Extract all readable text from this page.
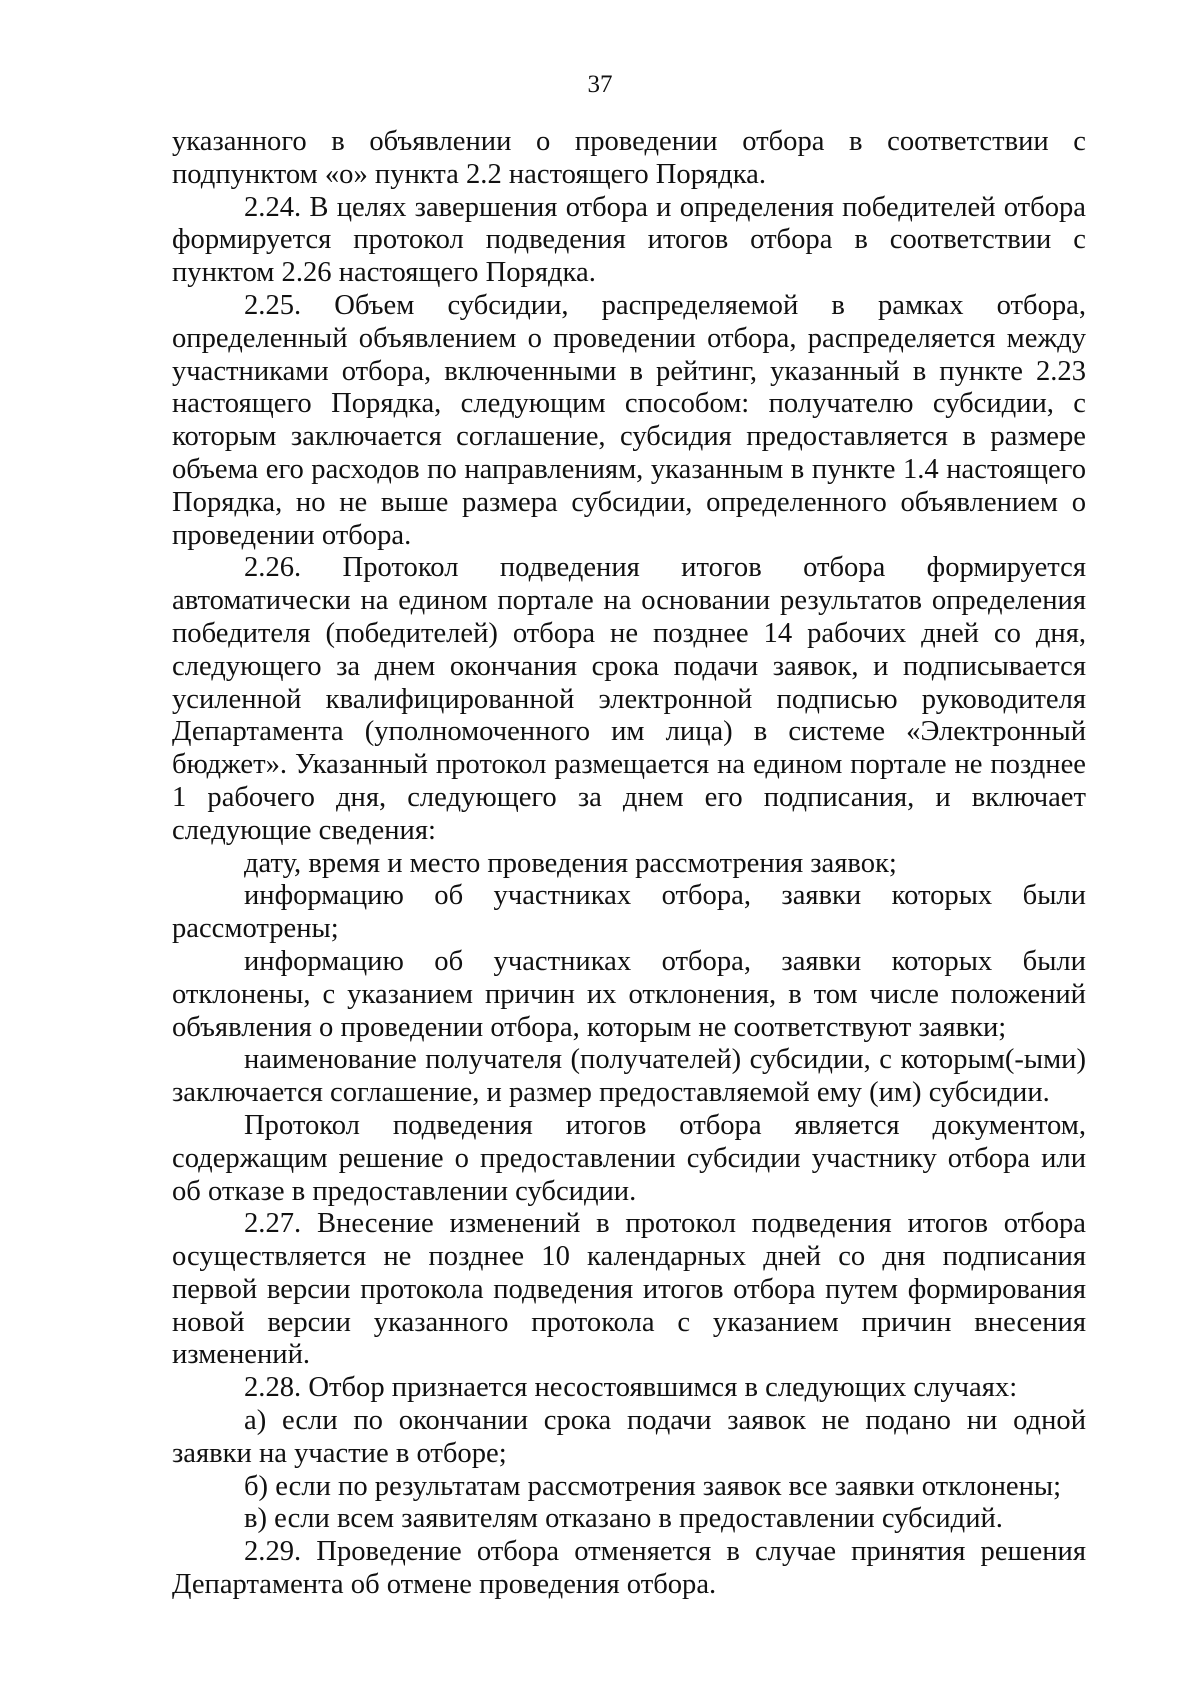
37

указанного в объявлении о проведении отбора в соответствии с подпунктом «о» пункта 2.2 настоящего Порядка.

2.24. В целях завершения отбора и определения победителей отбора формируется протокол подведения итогов отбора в соответствии с пунктом 2.26 настоящего Порядка.

2.25. Объем субсидии, распределяемой в рамках отбора, определенный объявлением о проведении отбора, распределяется между участниками отбора, включенными в рейтинг, указанный в пункте 2.23 настоящего Порядка, следующим способом: получателю субсидии, с которым заключается соглашение, субсидия предоставляется в размере объема его расходов по направлениям, указанным в пункте 1.4 настоящего Порядка, но не выше размера субсидии, определенного объявлением о проведении отбора.

2.26. Протокол подведения итогов отбора формируется автоматически на едином портале на основании результатов определения победителя (победителей) отбора не позднее 14 рабочих дней со дня, следующего за днем окончания срока подачи заявок, и подписывается усиленной квалифицированной электронной подписью руководителя Департамента (уполномоченного им лица) в системе «Электронный бюджет». Указанный протокол размещается на едином портале не позднее 1 рабочего дня, следующего за днем его подписания, и включает следующие сведения:

дату, время и место проведения рассмотрения заявок;

информацию об участниках отбора, заявки которых были рассмотрены;

информацию об участниках отбора, заявки которых были отклонены, с указанием причин их отклонения, в том числе положений объявления о проведении отбора, которым не соответствуют заявки;

наименование получателя (получателей) субсидии, с которым(-ыми) заключается соглашение, и размер предоставляемой ему (им) субсидии.

Протокол подведения итогов отбора является документом, содержащим решение о предоставлении субсидии участнику отбора или об отказе в предоставлении субсидии.

2.27. Внесение изменений в протокол подведения итогов отбора осуществляется не позднее 10 календарных дней со дня подписания первой версии протокола подведения итогов отбора путем формирования новой версии указанного протокола с указанием причин внесения изменений.

2.28. Отбор признается несостоявшимся в следующих случаях:

а) если по окончании срока подачи заявок не подано ни одной заявки на участие в отборе;

б) если по результатам рассмотрения заявок все заявки отклонены;

в) если всем заявителям отказано в предоставлении субсидий.

2.29. Проведение отбора отменяется в случае принятия решения Департамента об отмене проведения отбора.
